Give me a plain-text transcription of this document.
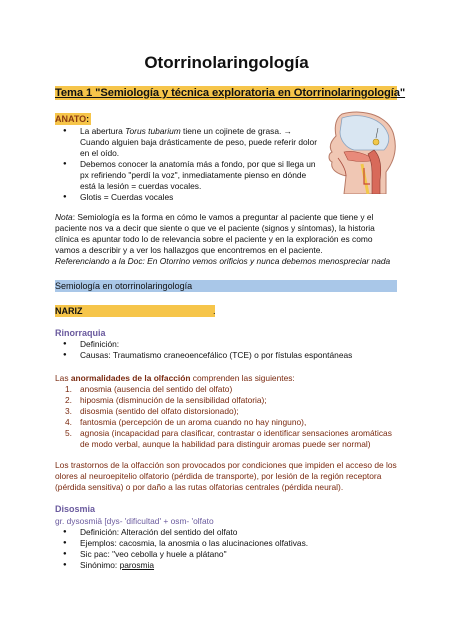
Otorrinolaringología
Tema 1 "Semiología y técnica exploratoria en Otorrinolaringología"
ANATO:
● La abertura Torus tubarium tiene un cojinete de grasa. →
Cuando alguien baja drásticamente de peso, puede referir dolor
en el oído.
● Debemos conocer la anatomía más a fondo, por que si llega un
px refiriendo "perdí la voz", inmediatamente pienso en dónde
está la lesión = cuerdas vocales.
● Glotis = Cuerdas vocales
Nota: Semiología es la forma en cómo le vamos a preguntar al paciente que tiene y el
paciente nos va a decir que siente o que ve el paciente (signos y síntomas), la historia
clínica es apuntar todo lo de relevancia sobre el paciente y en la exploración es como
vamos a describir y a ver los hallazgos que encontremos en el paciente.
Referenciando a la Doc: En Otorrino vemos orificios y nunca debemos menospreciar nada
Semiología en otorrinolaringología
NARIZ	.
Rinorraquia
● Definición:
● Causas: Traumatismo craneoencefálico (TCE) o por fístulas espontáneas
Las anormalidades de la olfacción comprenden las siguientes:
1. anosmia (ausencia del sentido del olfato)
2. hiposmia (disminución de la sensibilidad olfatoria);
3. disosmia (sentido del olfato distorsionado);
4. fantosmia (percepción de un aroma cuando no hay ninguno),
5. agnosia (incapacidad para clasificar, contrastar o identificar sensaciones aromáticas
de modo verbal, aunque la habilidad para distinguir aromas puede ser normal)
Los trastornos de la olfacción son provocados por condiciones que impiden el acceso de los
olores al neuroepitelio olfatorio (pérdida de transporte), por lesión de la región receptora
(pérdida sensitiva) o por daño a las rutas olfatorias centrales (pérdida neural).
Disosmia
gr. dysosmiā [dys- 'dificultad' + osm- 'olfato
● Definición: Alteración del sentido del olfato
● Ejemplos: cacosmia, la anosmia o las alucinaciones olfativas.
● Sic pac: "veo cebolla y huele a plátano"
● Sinónimo: parosmia
